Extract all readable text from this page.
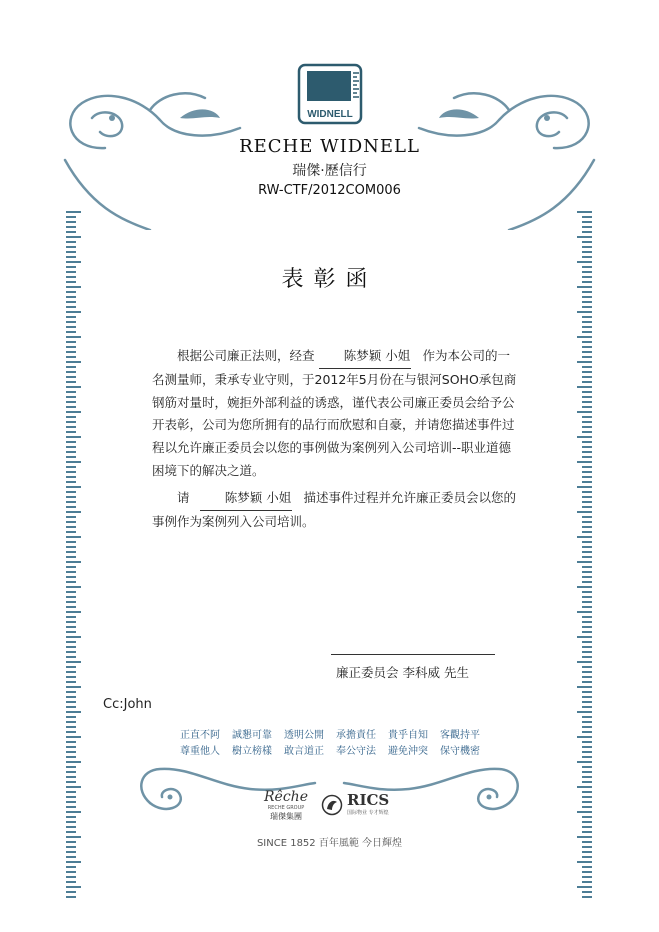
WIDNELL
RECHE WIDNELL
瑞傑·歷信行
RW-CTF/2012COM006
表彰函

根据公司廉正法则，经查 陈梦颖 小姐 作为本公司的一名测量师，秉承专业守则，于2012年5月份在与银河SOHO承包商钢筋对量时，婉拒外部利益的诱惑，谨代表公司廉正委员会给予公开表彰，公司为您所拥有的品行而欣慰和自豪，并请您描述事件过程以允许廉正委员会以您的事例做为案例列入公司培训--职业道德困境下的解决之道。

请	陈梦颖 小姐 描述事件过程并允许廉正委员会以您的事例作为案例列入公司培训。

廉正委员会 李科威 先生
Cc:John
正直不阿 誠懇可靠 透明公開 承擔責任 貴乎自知 客觀持平
尊重他人 樹立榜樣 敢言道正 奉公守法 避免沖突 保守機密
Rêche
RECHE GROUP
瑞傑集團
RICS
国际物业 专才辉煌
SINCE 1852 百年風範 今日輝煌
